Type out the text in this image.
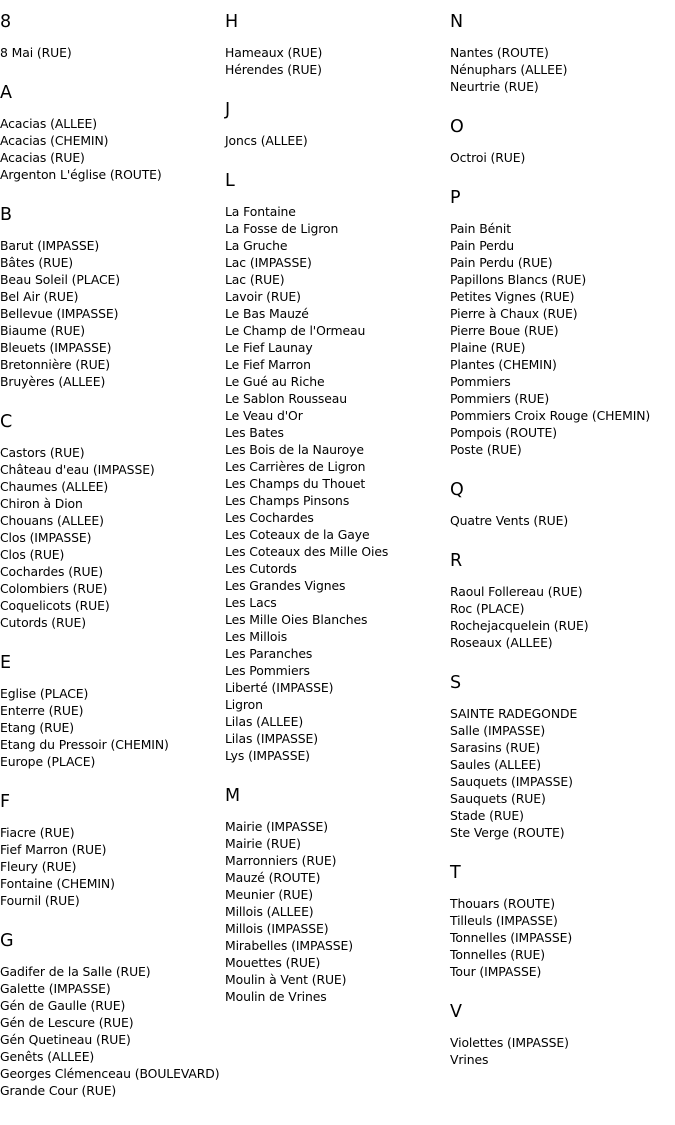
8
8 Mai (RUE)
A
Acacias (ALLEE)
Acacias (CHEMIN)
Acacias (RUE)
Argenton L'église (ROUTE)
B
Barut (IMPASSE)
Bâtes (RUE)
Beau Soleil (PLACE)
Bel Air (RUE)
Bellevue (IMPASSE)
Biaume (RUE)
Bleuets (IMPASSE)
Bretonnière (RUE)
Bruyères (ALLEE)
C
Castors (RUE)
Château d'eau (IMPASSE)
Chaumes (ALLEE)
Chiron à Dion
Chouans (ALLEE)
Clos (IMPASSE)
Clos (RUE)
Cochardes (RUE)
Colombiers (RUE)
Coquelicots (RUE)
Cutords (RUE)
E
Eglise (PLACE)
Enterre (RUE)
Etang (RUE)
Etang du Pressoir (CHEMIN)
Europe (PLACE)
F
Fiacre (RUE)
Fief Marron (RUE)
Fleury (RUE)
Fontaine (CHEMIN)
Fournil (RUE)
G
Gadifer de la Salle (RUE)
Galette (IMPASSE)
Gén de Gaulle (RUE)
Gén de Lescure (RUE)
Gén Quetineau (RUE)
Genêts (ALLEE)
Georges Clémenceau (BOULEVARD)
Grande Cour (RUE)
H
Hameaux (RUE)
Hérendes (RUE)
J
Joncs (ALLEE)
L
La Fontaine
La Fosse de Ligron
La Gruche
Lac (IMPASSE)
Lac (RUE)
Lavoir (RUE)
Le Bas Mauzé
Le Champ de l'Ormeau
Le Fief Launay
Le Fief Marron
Le Gué au Riche
Le Sablon Rousseau
Le Veau d'Or
Les Bates
Les Bois de la Nauroye
Les Carrières de Ligron
Les Champs du Thouet
Les Champs Pinsons
Les Cochardes
Les Coteaux de la Gaye
Les Coteaux des Mille Oies
Les Cutords
Les Grandes Vignes
Les Lacs
Les Mille Oies Blanches
Les Millois
Les Paranches
Les Pommiers
Liberté (IMPASSE)
Ligron
Lilas (ALLEE)
Lilas (IMPASSE)
Lys (IMPASSE)
M
Mairie (IMPASSE)
Mairie (RUE)
Marronniers (RUE)
Mauzé (ROUTE)
Meunier (RUE)
Millois (ALLEE)
Millois (IMPASSE)
Mirabelles (IMPASSE)
Mouettes (RUE)
Moulin à Vent (RUE)
Moulin de Vrines
N
Nantes (ROUTE)
Nénuphars (ALLEE)
Neurtrie (RUE)
O
Octroi (RUE)
P
Pain Bénit
Pain Perdu
Pain Perdu (RUE)
Papillons Blancs (RUE)
Petites Vignes (RUE)
Pierre à Chaux (RUE)
Pierre Boue (RUE)
Plaine (RUE)
Plantes (CHEMIN)
Pommiers
Pommiers (RUE)
Pommiers Croix Rouge (CHEMIN)
Pompois (ROUTE)
Poste (RUE)
Q
Quatre Vents (RUE)
R
Raoul Follereau (RUE)
Roc (PLACE)
Rochejacquelein (RUE)
Roseaux (ALLEE)
S
SAINTE RADEGONDE
Salle (IMPASSE)
Sarasins (RUE)
Saules (ALLEE)
Sauquets (IMPASSE)
Sauquets (RUE)
Stade (RUE)
Ste Verge (ROUTE)
T
Thouars (ROUTE)
Tilleuls (IMPASSE)
Tonnelles (IMPASSE)
Tonnelles (RUE)
Tour (IMPASSE)
V
Violettes (IMPASSE)
Vrines
